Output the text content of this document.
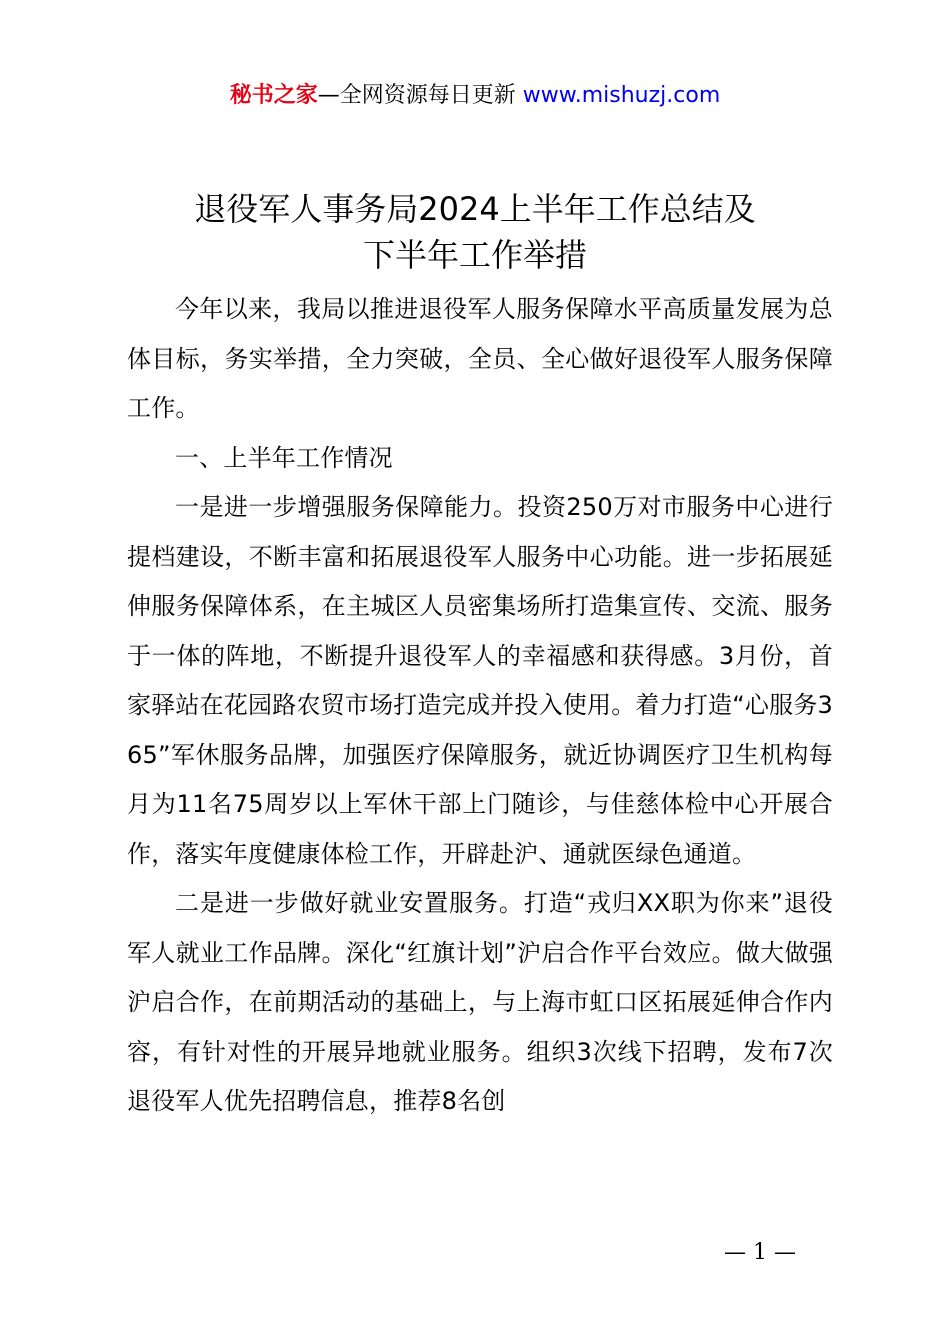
秘书之家—全网资源每日更新 www.mishuzj.com
退役军人事务局2024上半年工作总结及
下半年工作举措

今年以来，我局以推进退役军人服务保障水平高质量发展为总体目标，务实举措，全力突破，全员、全心做好退役军人服务保障工作。

一、上半年工作情况

一是进一步增强服务保障能力。投资250万对市服务中心进行提档建设，不断丰富和拓展退役军人服务中心功能。进一步拓展延伸服务保障体系，在主城区人员密集场所打造集宣传、交流、服务于一体的阵地，不断提升退役军人的幸福感和获得感。3月份，首家驿站在花园路农贸市场打造完成并投入使用。着力打造“心服务365”军休服务品牌，加强医疗保障服务，就近协调医疗卫生机构每月为11名75周岁以上军休干部上门随诊，与佳慈体检中心开展合作，落实年度健康体检工作，开辟赴沪、通就医绿色通道。

二是进一步做好就业安置服务。打造“戎归XX职为你来”退役军人就业工作品牌。深化“红旗计划”沪启合作平台效应。做大做强沪启合作，在前期活动的基础上，与上海市虹口区拓展延伸合作内容，有针对性的开展异地就业服务。组织3次线下招聘，发布7次退役军人优先招聘信息，推荐8名创

— 1 —
